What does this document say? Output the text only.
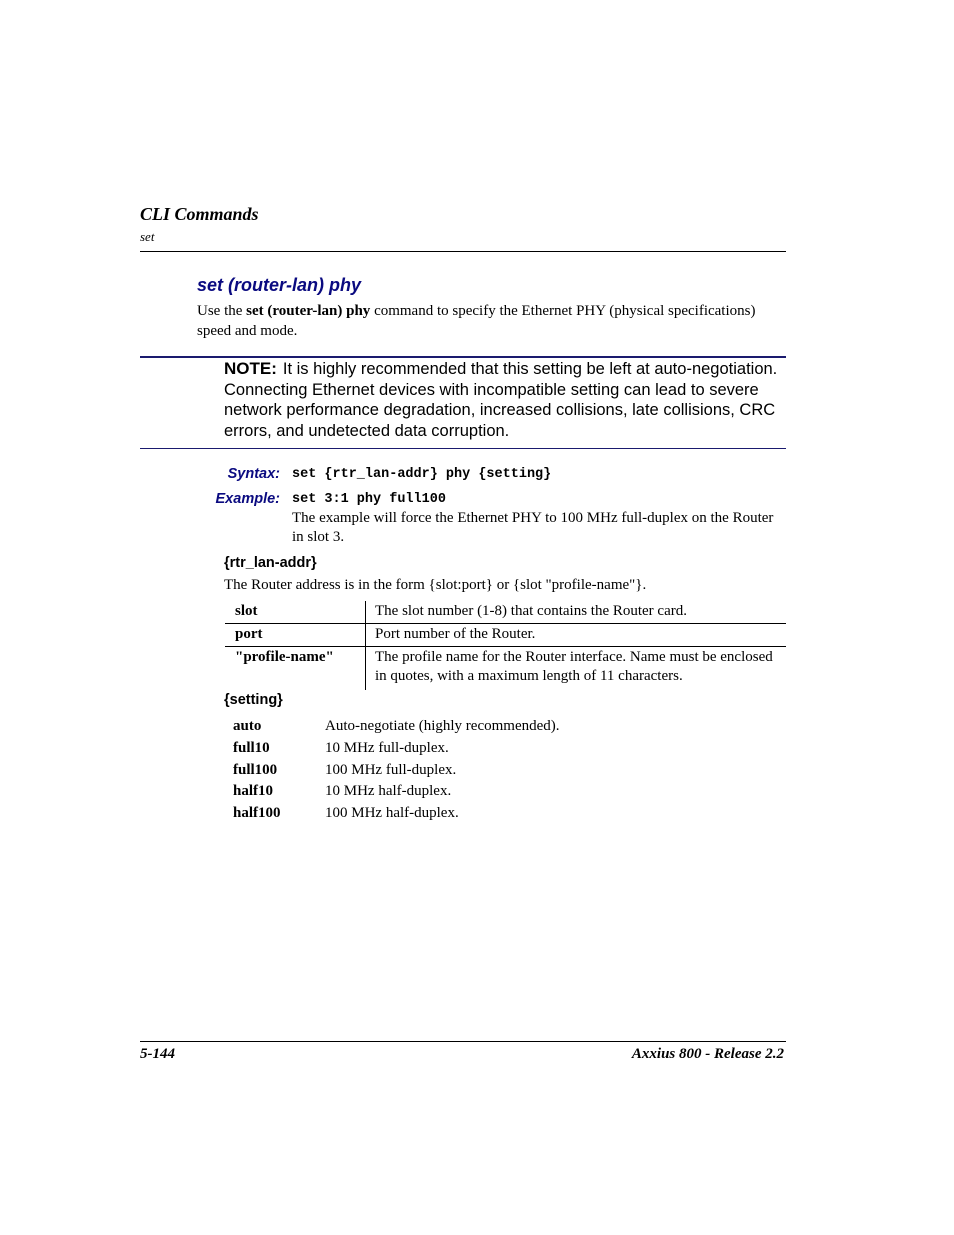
CLI Commands
set
set (router-lan) phy
Use the set (router-lan) phy command to specify the Ethernet PHY (physical specifications) speed and mode.
NOTE: It is highly recommended that this setting be left at auto-negotiation. Connecting Ethernet devices with incompatible setting can lead to severe network performance degradation, increased collisions, late collisions, CRC errors, and undetected data corruption.
Syntax: set {rtr_lan-addr} phy {setting}
Example: set 3:1 phy full100
The example will force the Ethernet PHY to 100 MHz full-duplex on the Router in slot 3.
{rtr_lan-addr}
The Router address is in the form {slot:port} or {slot "profile-name"}.
slot	The slot number (1-8) that contains the Router card.
port	Port number of the Router.
"profile-name"	The profile name for the Router interface. Name must be enclosed in quotes, with a maximum length of 11 characters.
{setting}
auto	Auto-negotiate (highly recommended).
full10	10 MHz full-duplex.
full100	100 MHz full-duplex.
half10	10 MHz half-duplex.
half100	100 MHz half-duplex.
5-144	Axxius 800 - Release 2.2
